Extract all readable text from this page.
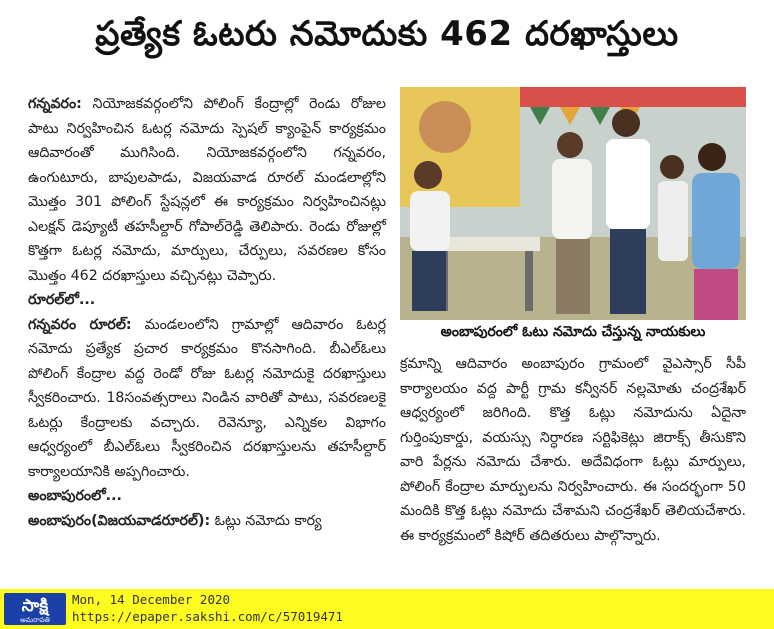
ప్రత్యేక ఓటరు నమోదుకు 462 దరఖాస్తులు

గన్నవరం: నియోజకవర్గంలోని పోలింగ్ కేంద్రాల్లో రెండు రోజుల పాటు నిర్వహించిన ఓటర్ల నమోదు స్పెషల్ క్యాంపైన్ కార్యక్రమం ఆదివారంతో ముగిసింది. నియోజకవర్గంలోని గన్నవరం, ఉంగుటూరు, బాపులపాడు, విజయవాడ రూరల్ మండలాల్లోని మొత్తం 301 పోలింగ్ స్టేషన్లలో ఈ కార్యక్రమం నిర్వహించినట్లు ఎలక్షన్ డెప్యూటీ తహసీల్దార్ గోపాల్‌రెడ్డి తెలిపారు. రెండు రోజుల్లో కొత్తగా ఓటర్ల నమోదు, మార్పులు, చేర్పులు, సవరణల కోసం మొత్తం 462 దరఖాస్తులు వచ్చినట్లు చెప్పారు.

రూరల్‌లో...

గన్నవరం రూరల్: మండలంలోని గ్రామాల్లో ఆదివారం ఓటర్ల నమోదు ప్రత్యేక ప్రచార కార్యక్రమం కొనసాగింది. బీఎల్‌ఓలు పోలింగ్ కేంద్రాల వద్ద రెండో రోజు ఓటర్ల నమోదుకై దరఖాస్తులు స్వీకరించారు. 18సంవత్సరాలు నిండిన వారితో పాటు, సవరణలకై ఓటర్లు కేంద్రాలకు వచ్చారు. రెవెన్యూ, ఎన్నికల విభాగం ఆధ్వర్యంలో బీఎల్ఓలు స్వీకరించిన దరఖాస్తులను తహసీల్దార్ కార్యాలయానికి అప్పగించారు.

అంబాపురంలో...

అంబాపురం(విజయవాడరూరల్): ఓట్లు నమోదు కార్య

అంబాపురంలో ఓటు నమోదు చేస్తున్న నాయకులు

క్రమాన్ని ఆదివారం అంబాపురం గ్రామంలో వైఎస్సార్ సీపీ కార్యాలయం వద్ద పార్టీ గ్రామ కన్వీనర్ నల్లమోతు చంద్రశేఖర్ ఆధ్వర్యంలో జరిగింది. కొత్త ఓట్లు నమోదును ఏదైనా గుర్తింపుకార్డు, వయస్సు నిర్ధారణ సర్టిఫికెట్లు జిరాక్స్ తీసుకొని వారి పేర్లను నమోదు చేశారు. అదేవిధంగా ఓట్లు మార్పులు, పోలింగ్ కేంద్రాల మార్పులను నిర్వహించారు. ఈ సందర్భంగా 50 మందికి కొత్త ఓట్లు నమోదు చేశామని చంద్రశేఖర్ తెలియచేశారు. ఈ కార్యక్రమంలో కిషోర్ తదితరులు పాల్గొన్నారు.

సాక్షి
అమరావతి
Mon, 14 December 2020
https://epaper.sakshi.com/c/57019471
